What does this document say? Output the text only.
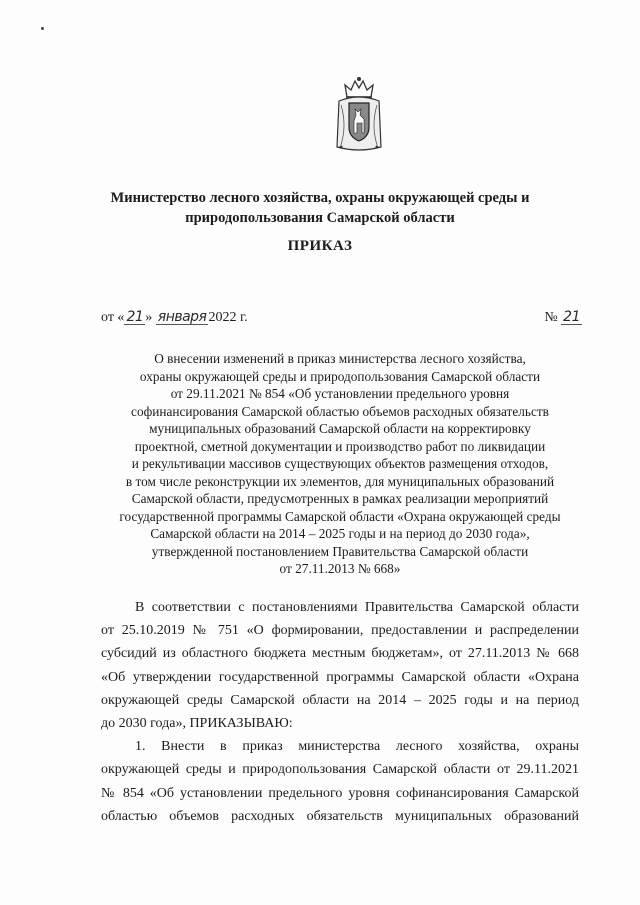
Министерство лесного хозяйства, охраны окружающей среды и
природопользования Самарской области
ПРИКАЗ
от « 21 » января 2022 г.	№ 21
О внесении изменений в приказ министерства лесного хозяйства,
охраны окружающей среды и природопользования Самарской области
от 29.11.2021 № 854 «Об установлении предельного уровня
софинансирования Самарской областью объемов расходных обязательств
муниципальных образований Самарской области на корректировку
проектной, сметной документации и производство работ по ликвидации
и рекультивации массивов существующих объектов размещения отходов,
в том числе реконструкции их элементов, для муниципальных образований
Самарской области, предусмотренных в рамках реализации мероприятий
государственной программы Самарской области «Охрана окружающей среды
Самарской области на 2014 – 2025 годы и на период до 2030 года»,
утвержденной постановлением Правительства Самарской области
от 27.11.2013 № 668»
В соответствии с постановлениями Правительства Самарской области
от 25.10.2019 № 751 «О формировании, предоставлении и распределении
субсидий из областного бюджета местным бюджетам», от 27.11.2013 № 668
«Об утверждении государственной программы Самарской области «Охрана
окружающей среды Самарской области на 2014 – 2025 годы и на период
до 2030 года», ПРИКАЗЫВАЮ:
1. Внести в приказ министерства лесного хозяйства, охраны
окружающей среды и природопользования Самарской области от 29.11.2021
№ 854 «Об установлении предельного уровня софинансирования Самарской
областью объемов расходных обязательств муниципальных образований
